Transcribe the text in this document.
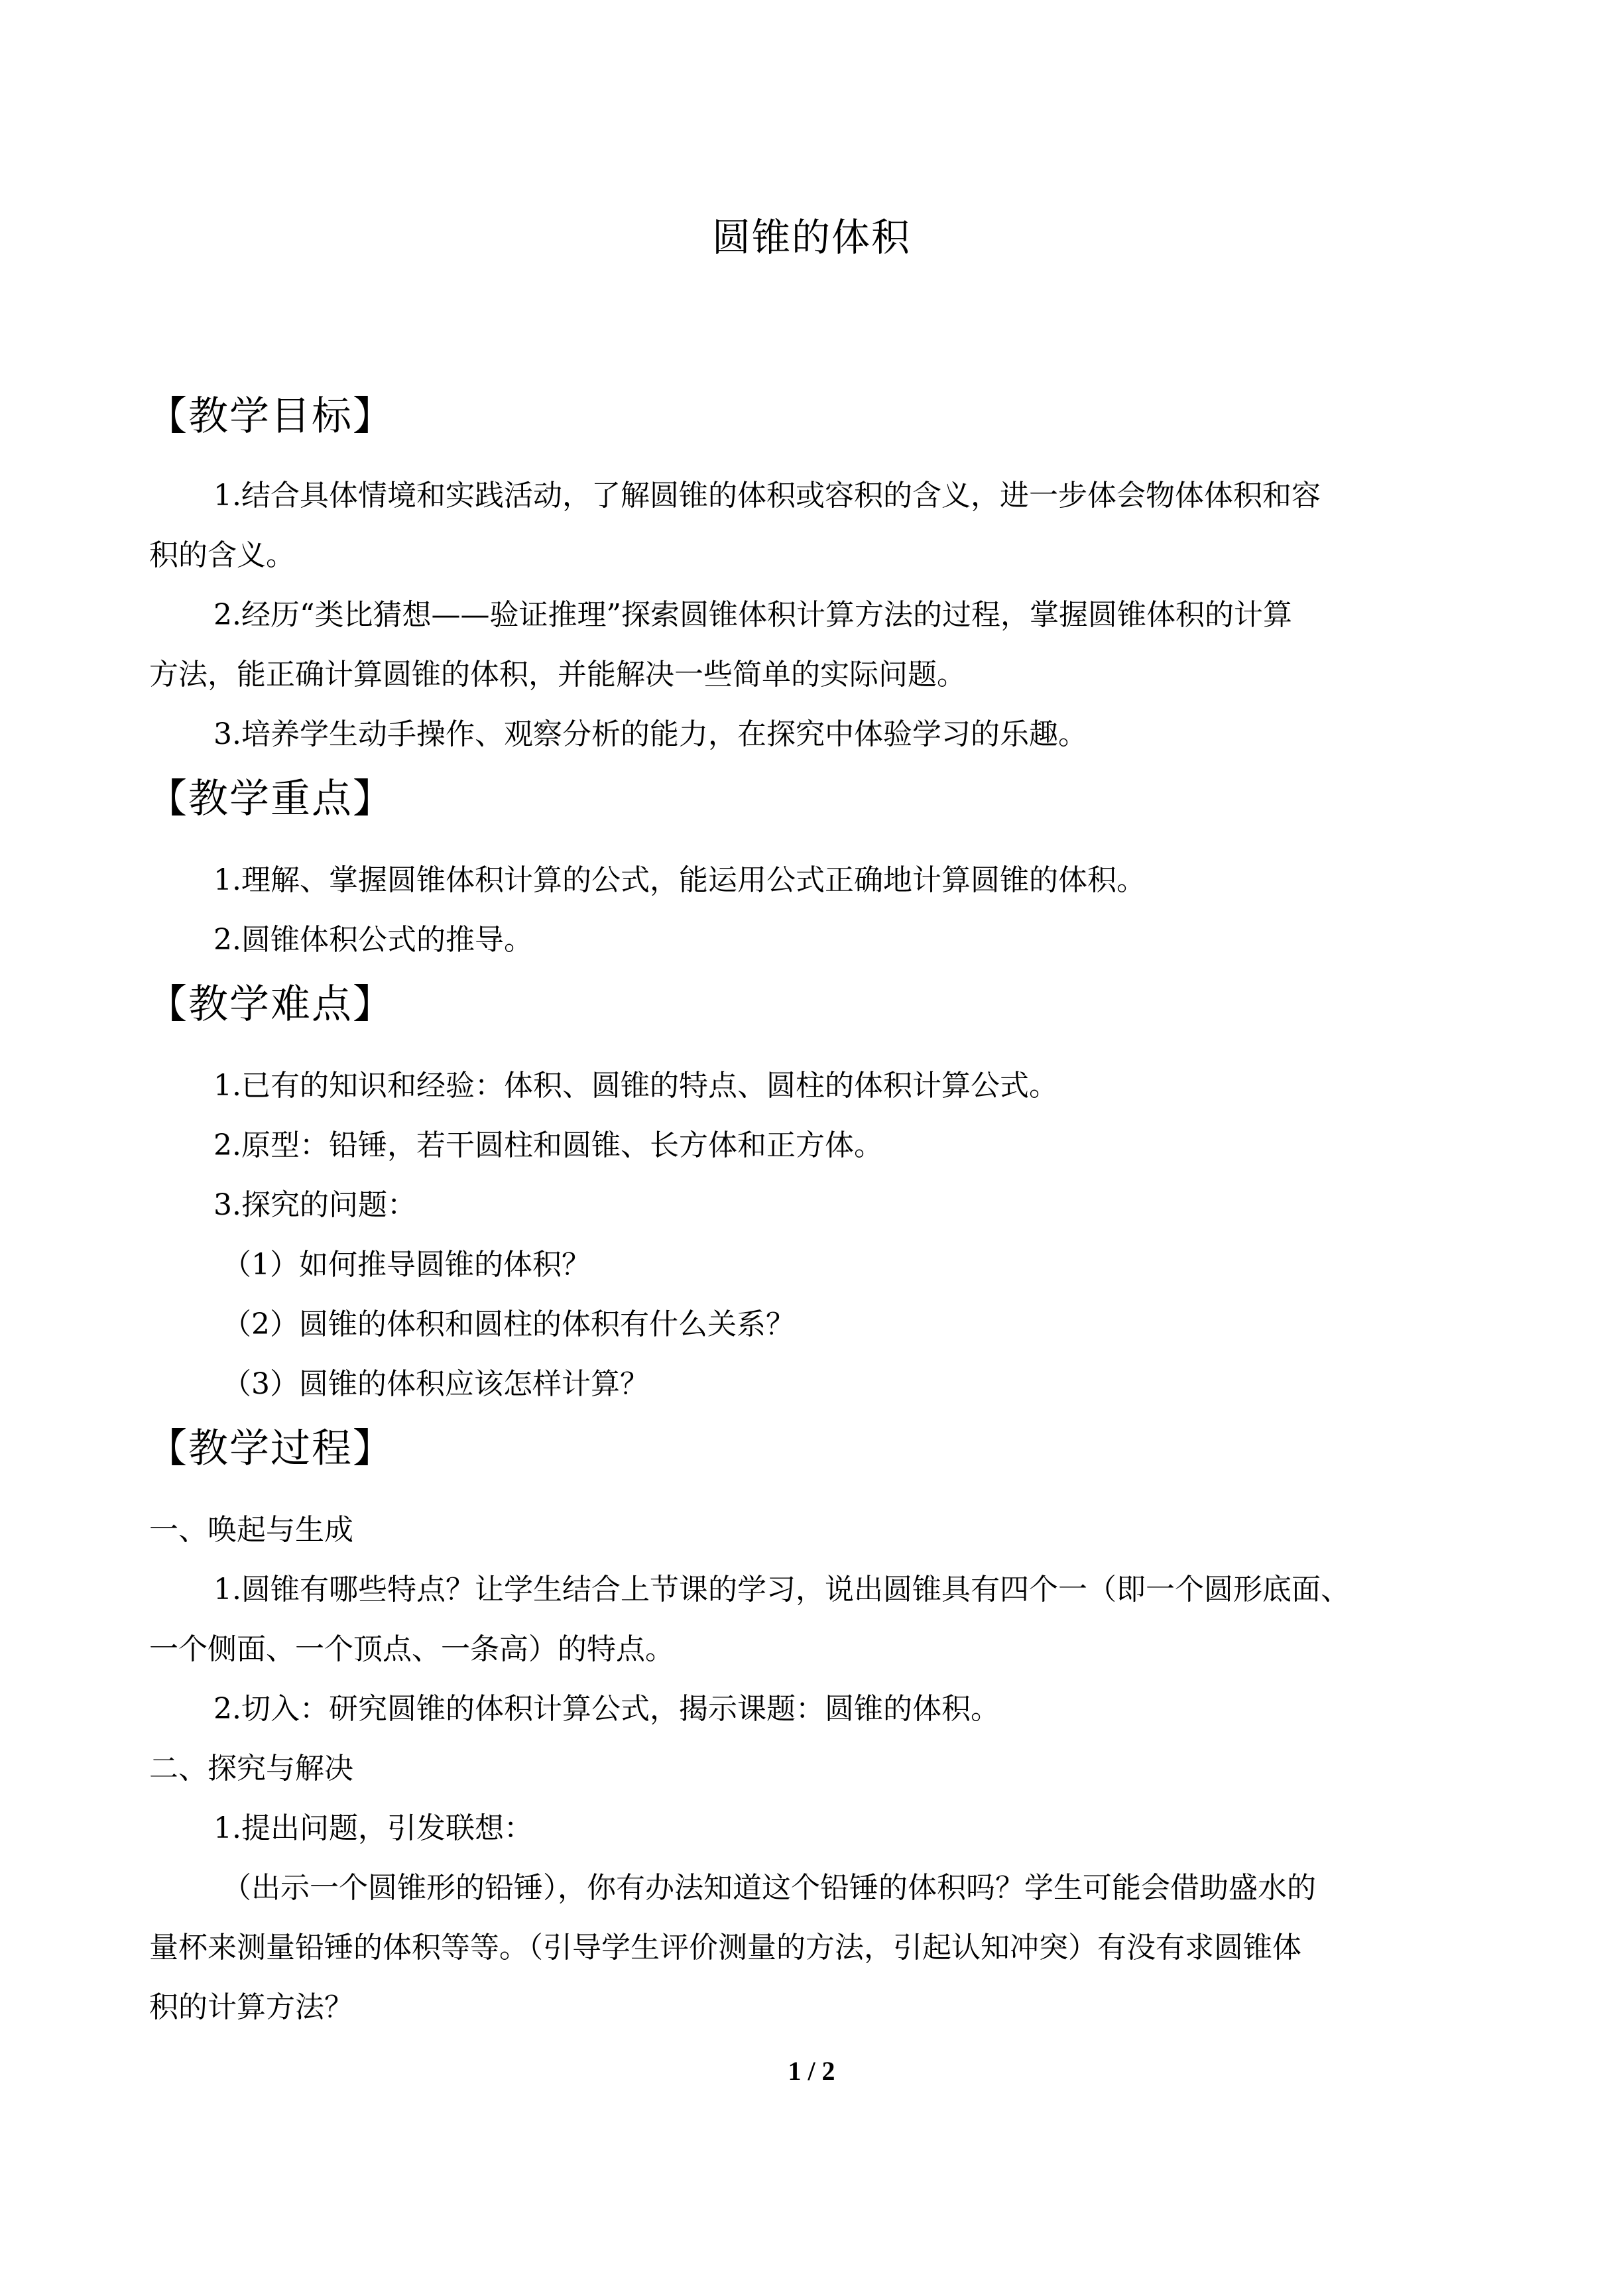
圆锥的体积
【教学目标】
1.结合具体情境和实践活动，了解圆锥的体积或容积的含义，进一步体会物体体积和容
积的含义。
2.经历“类比猜想——验证推理”探索圆锥体积计算方法的过程，掌握圆锥体积的计算
方法，能正确计算圆锥的体积，并能解决一些简单的实际问题。
3.培养学生动手操作、观察分析的能力，在探究中体验学习的乐趣。
【教学重点】
1.理解、掌握圆锥体积计算的公式，能运用公式正确地计算圆锥的体积。
2.圆锥体积公式的推导。
【教学难点】
1.已有的知识和经验：体积、圆锥的特点、圆柱的体积计算公式。
2.原型：铅锤，若干圆柱和圆锥、长方体和正方体。
3.探究的问题：
（1）如何推导圆锥的体积？
（2）圆锥的体积和圆柱的体积有什么关系？
（3）圆锥的体积应该怎样计算？
【教学过程】
一、唤起与生成
1.圆锥有哪些特点？让学生结合上节课的学习，说出圆锥具有四个一（即一个圆形底面、
一个侧面、一个顶点、一条高）的特点。
2.切入：研究圆锥的体积计算公式，揭示课题：圆锥的体积。
二、探究与解决
1.提出问题，引发联想：
（出示一个圆锥形的铅锤），你有办法知道这个铅锤的体积吗？学生可能会借助盛水的
量杯来测量铅锤的体积等等。（引导学生评价测量的方法，引起认知冲突）有没有求圆锥体
积的计算方法？
1 / 2
